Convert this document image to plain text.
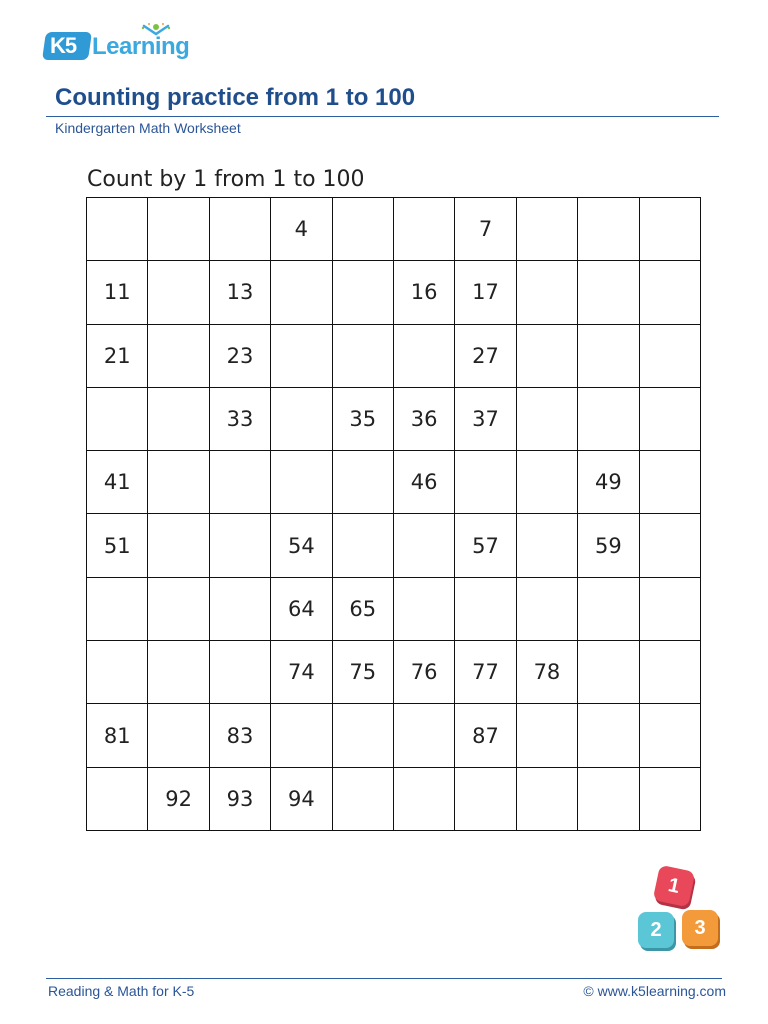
K5 Learning
Counting practice from 1 to 100
Kindergarten Math Worksheet
Count by 1 from 1 to 100
			4			7			
11		13			16	17			
21		23				27			
		33		35	36	37			
41					46			49	
51			54			57		59	
			64	65					
			74	75	76	77	78		
81		83				87			
	92	93	94						
1
2	3
Reading & Math for K-5	© www.k5learning.com
